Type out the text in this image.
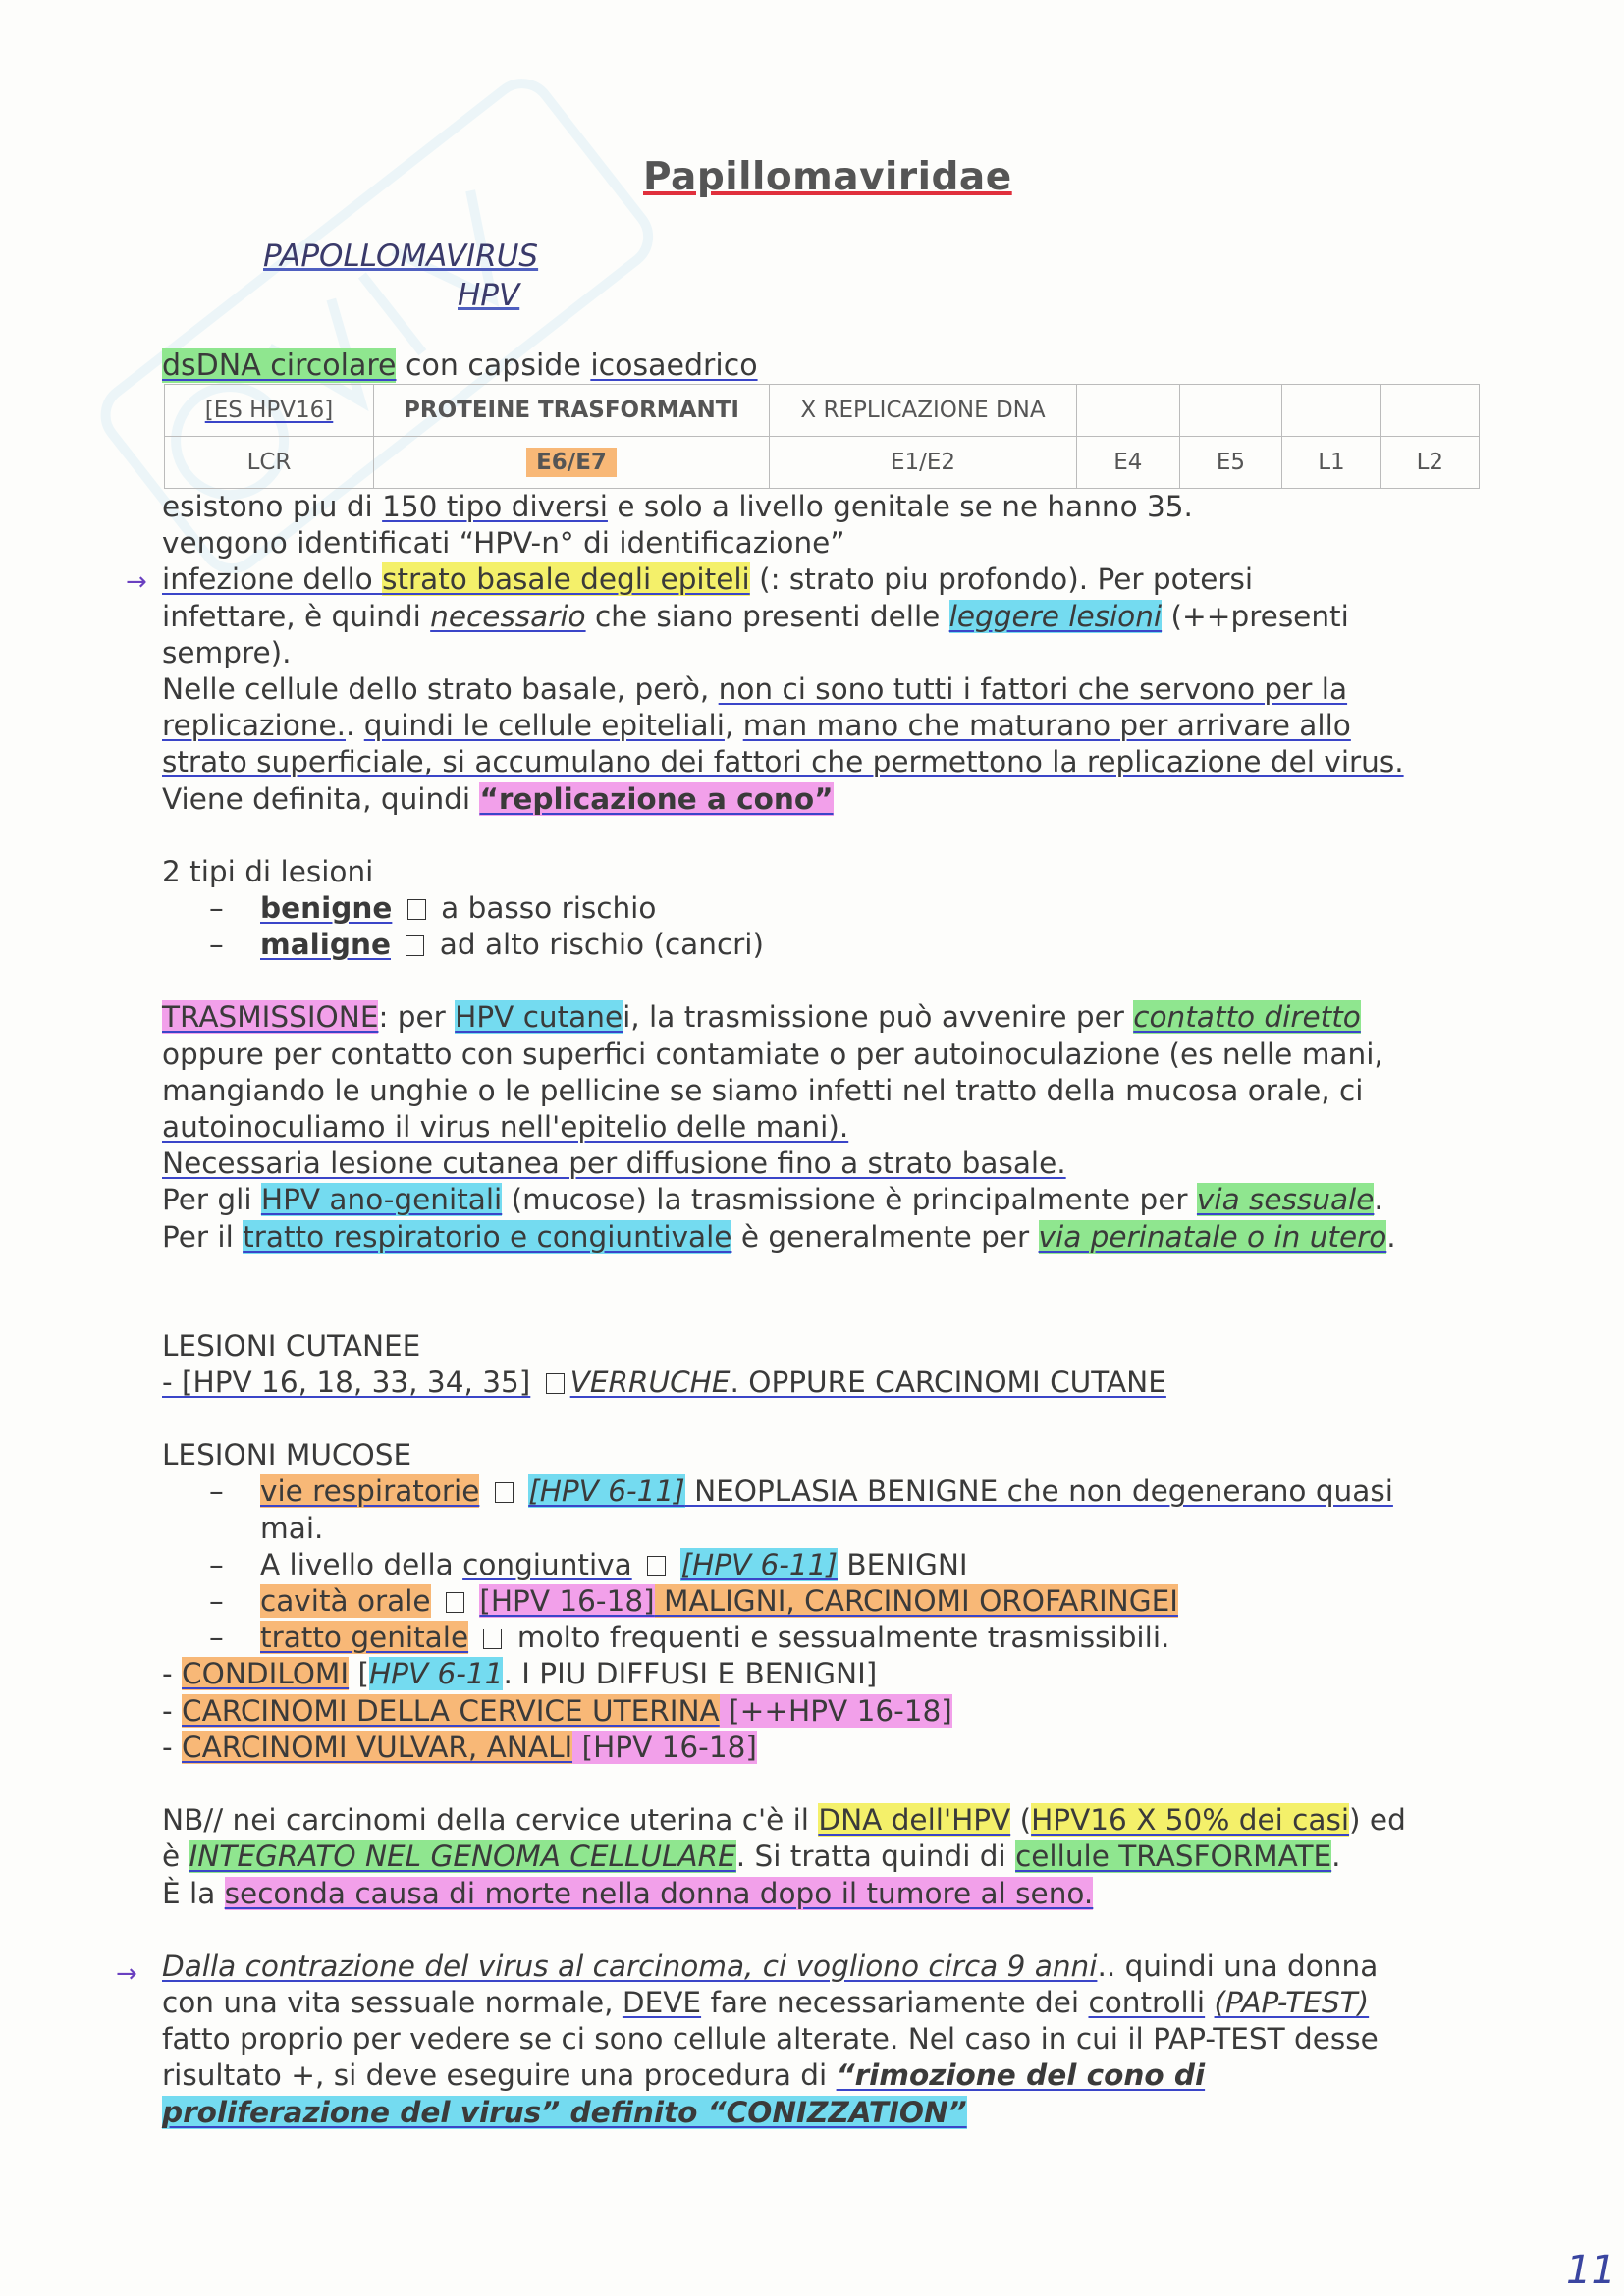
Papillomaviridae
PAPOLLOMAVIRUS
HPV
dsDNA circolare con capside icosaedrico
[ES HPV16]	PROTEINE TRASFORMANTI	X REPLICAZIONE DNA				
LCR	E6/E7	E1/E2	E4	E5	L1	L2

esistono piu di 150 tipo diversi e solo a livello genitale se ne hanno 35.

vengono identificati “HPV-n° di identificazione”

infezione dello strato basale degli epiteli (: strato piu profondo). Per potersi

infettare, è quindi necessario che siano presenti delle leggere lesioni (++presenti

sempre).

Nelle cellule dello strato basale, però, non ci sono tutti i fattori che servono per la

replicazione.. quindi le cellule epiteliali, man mano che maturano per arrivare allo

strato superficiale, si accumulano dei fattori che permettono la replicazione del virus.

Viene definita, quindi “replicazione a cono”

2 tipi di lesioni

– benigne  a basso rischio

– maligne  ad alto rischio (cancri)

TRASMISSIONE: per HPV cutanei, la trasmissione può avvenire per contatto diretto

oppure per contatto con superfici contamiate o per autoinoculazione (es nelle mani,

mangiando le unghie o le pellicine se siamo infetti nel tratto della mucosa orale, ci

autoinoculiamo il virus nell'epitelio delle mani).

Necessaria lesione cutanea per diffusione fino a strato basale.

Per gli HPV ano-genitali (mucose) la trasmissione è principalmente per via sessuale.

Per il tratto respiratorio e congiuntivale è generalmente per via perinatale o in utero.

LESIONI CUTANEE

- [HPV 16, 18, 33, 34, 35] VERRUCHE. OPPURE CARCINOMI CUTANE

LESIONI MUCOSE

– vie respiratorie [HPV 6-11] NEOPLASIA BENIGNE che non degenerano quasi

mai.

– A livello della congiuntiva [HPV 6-11] BENIGNI

– cavità orale [HPV 16-18] MALIGNI, CARCINOMI OROFARINGEI

– tratto genitale  molto frequenti e sessualmente trasmissibili.

- CONDILOMI [HPV 6-11. I PIU DIFFUSI E BENIGNI]

- CARCINOMI DELLA CERVICE UTERINA [++HPV 16-18]

- CARCINOMI VULVAR, ANALI [HPV 16-18]

NB// nei carcinomi della cervice uterina c'è il DNA dell'HPV (HPV16 X 50% dei casi) ed

è INTEGRATO NEL GENOMA CELLULARE. Si tratta quindi di cellule TRASFORMATE.

È la seconda causa di morte nella donna dopo il tumore al seno.

Dalla contrazione del virus al carcinoma, ci vogliono circa 9 anni.. quindi una donna

con una vita sessuale normale, DEVE fare necessariamente dei controlli (PAP-TEST)

fatto proprio per vedere se ci sono cellule alterate. Nel caso in cui il PAP-TEST desse

risultato +, si deve eseguire una procedura di “rimozione del cono di

proliferazione del virus” definito “CONIZZATION”

→
→
11
